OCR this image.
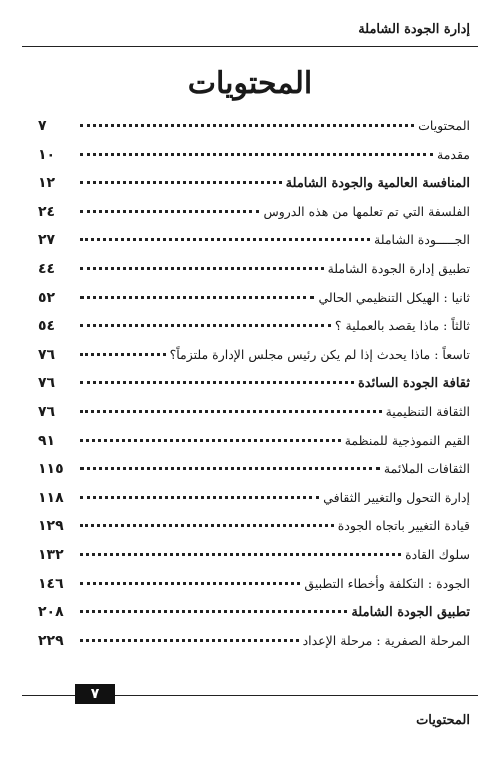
إدارة الجودة الشاملة
المحتويات
المحتويات
٧
مقدمة
١٠
المنافسة العالمية والجودة الشاملة
١٢
الفلسفة التي تم تعلمها من هذه الدروس
٢٤
الجـــــودة الشاملة
٢٧
تطبيق إدارة الجودة الشاملة
٤٤
ثانيا : الهيكل التنظيمي الحالي
٥٢
ثالثاً : ماذا يقصد بالعملية ؟
٥٤
تاسعاً : ماذا يحدث إذا لم يكن رئيس مجلس الإدارة ملتزماً؟
٧٦
ثقافة الجودة السائدة
٧٦
الثقافة التنظيمية
٧٦
القيم النموذجية للمنظمة
٩١
الثقافات الملائمة
١١٥
إدارة التحول والتغيير الثقافي
١١٨
قيادة التغيير باتجاه الجودة
١٢٩
سلوك القادة
١٣٢
الجودة : التكلفة وأخطاء التطبيق
١٤٦
تطبيق الجودة الشاملة
٢٠٨
المرحلة الصفرية : مرحلة الإعداد
٢٢٩
٧
المحتويات
